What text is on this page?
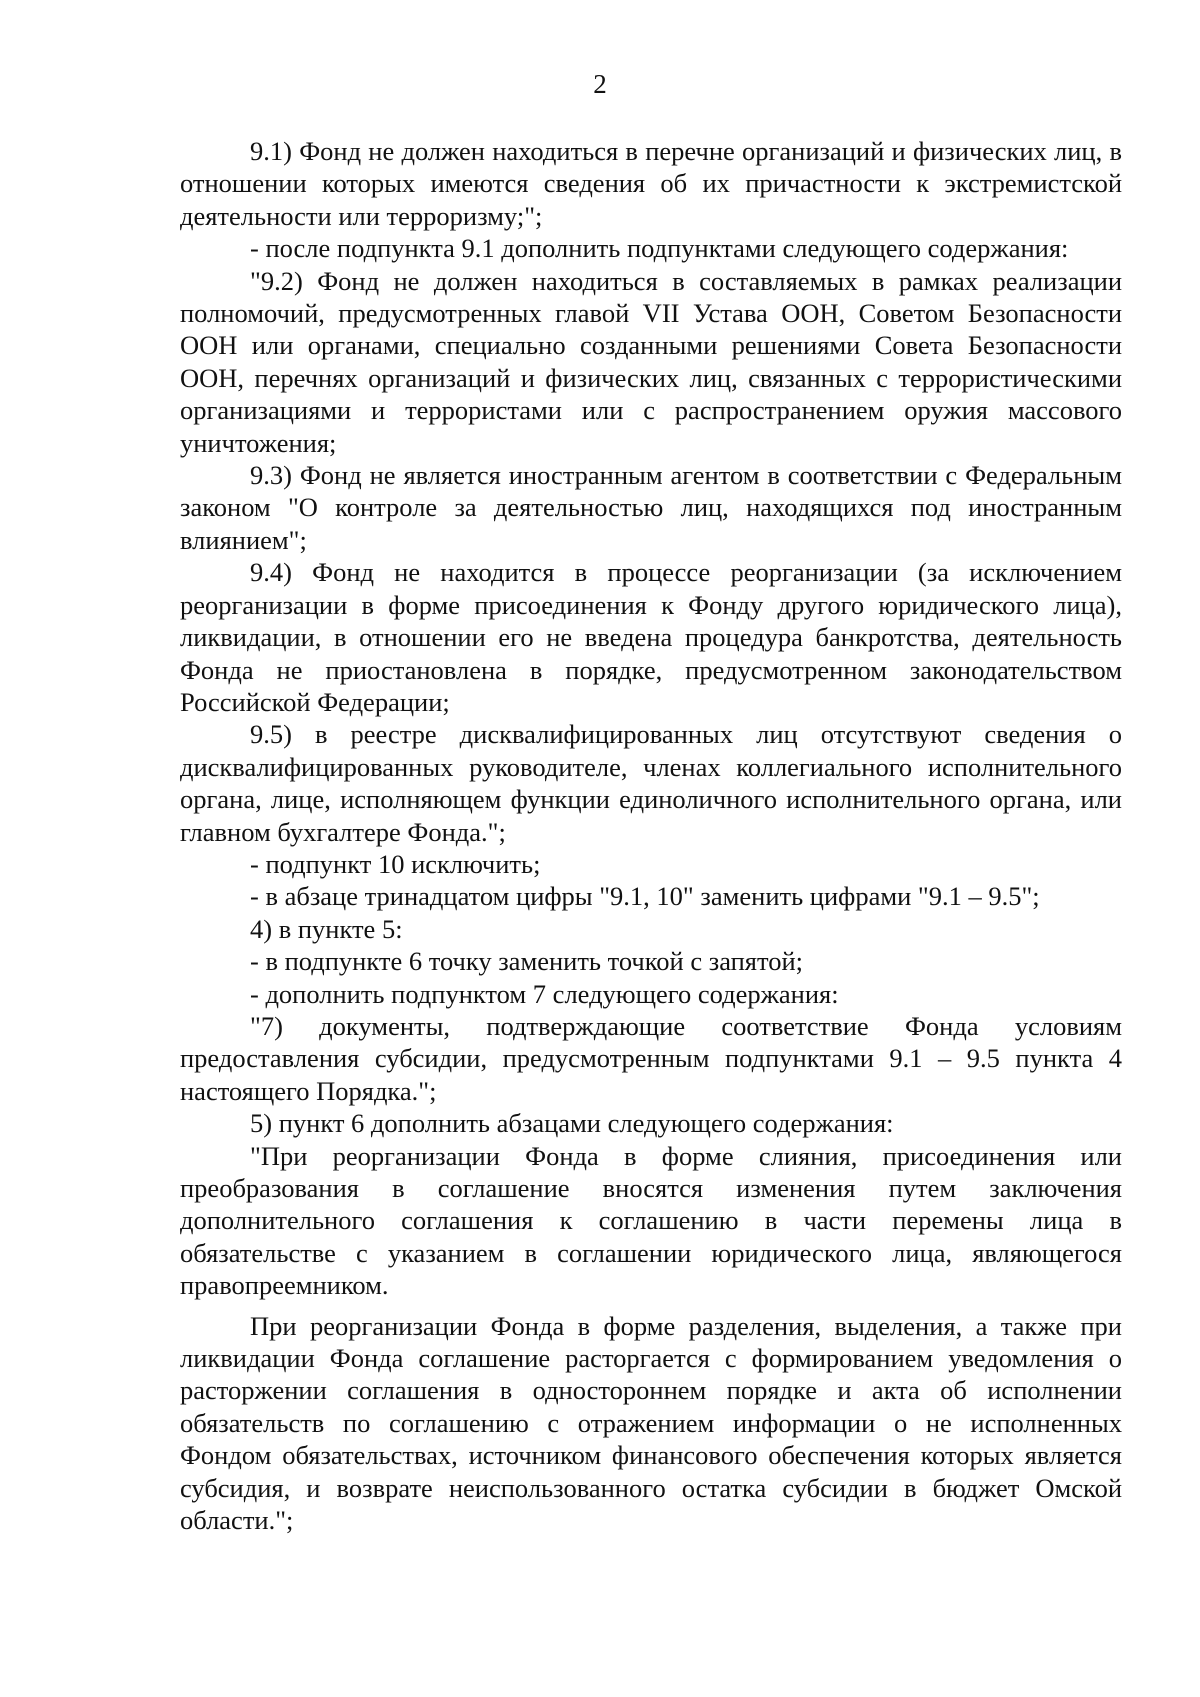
2

9.1) Фонд не должен находиться в перечне организаций и физических лиц, в отношении которых имеются сведения об их причастности к экстремистской деятельности или терроризму;";

- после подпункта 9.1 дополнить подпунктами следующего содержания:

"9.2) Фонд не должен находиться в составляемых в рамках реализации полномочий, предусмотренных главой VII Устава ООН, Советом Безопасности ООН или органами, специально созданными решениями Совета Безопасности ООН, перечнях организаций и физических лиц, связанных с террористическими организациями и террористами или с распространением оружия массового уничтожения;

9.3) Фонд не является иностранным агентом в соответствии с Федеральным законом "О контроле за деятельностью лиц, находящихся под иностранным влиянием";

9.4) Фонд не находится в процессе реорганизации (за исключением реорганизации в форме присоединения к Фонду другого юридического лица), ликвидации, в отношении его не введена процедура банкротства, деятельность Фонда не приостановлена в порядке, предусмотренном законодательством Российской Федерации;

9.5) в реестре дисквалифицированных лиц отсутствуют сведения о дисквалифицированных руководителе, членах коллегиального исполнительного органа, лице, исполняющем функции единоличного исполнительного органа, или главном бухгалтере Фонда.";

- подпункт 10 исключить;

- в абзаце тринадцатом цифры "9.1, 10" заменить цифрами "9.1 – 9.5";

4) в пункте 5:

- в подпункте 6 точку заменить точкой с запятой;

- дополнить подпунктом 7 следующего содержания:

"7) документы, подтверждающие соответствие Фонда условиям предоставления субсидии, предусмотренным подпунктами 9.1 – 9.5 пункта 4 настоящего Порядка.";

5) пункт 6 дополнить абзацами следующего содержания:

"При реорганизации Фонда в форме слияния, присоединения или преобразования в соглашение вносятся изменения путем заключения дополнительного соглашения к соглашению в части перемены лица в обязательстве с указанием в соглашении юридического лица, являющегося правопреемником.

При реорганизации Фонда в форме разделения, выделения, а также при ликвидации Фонда соглашение расторгается с формированием уведомления о расторжении соглашения в одностороннем порядке и акта об исполнении обязательств по соглашению с отражением информации о не исполненных Фондом обязательствах, источником финансового обеспечения которых является субсидия, и возврате неиспользованного остатка субсидии в бюджет Омской области.";
